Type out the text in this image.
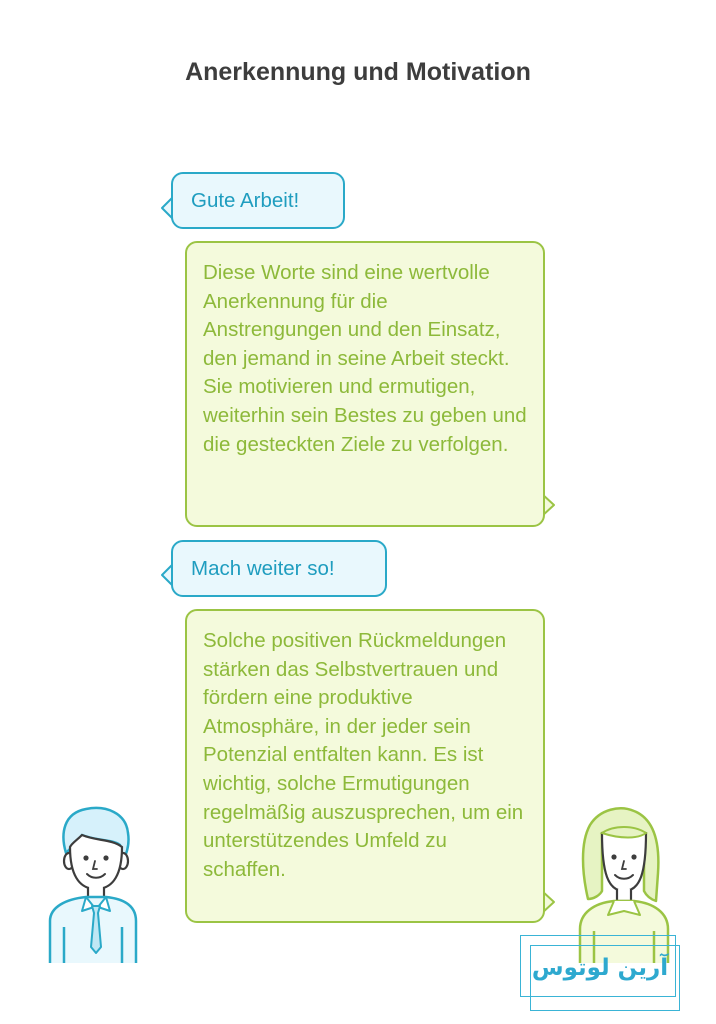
Anerkennung und Motivation
Gute Arbeit!
Diese Worte sind eine wertvolle Anerkennung für die Anstrengungen und den Einsatz, den jemand in seine Arbeit steckt. Sie motivieren und ermutigen, weiterhin sein Bestes zu geben und die gesteckten Ziele zu verfolgen.
Mach weiter so!
Solche positiven Rückmeldungen stärken das Selbstvertrauen und fördern eine produktive Atmosphäre, in der jeder sein Potenzial entfalten kann. Es ist wichtig, solche Ermutigungen regelmäßig auszusprechen, um ein unterstützendes Umfeld zu schaffen.
آرین لوتوس
